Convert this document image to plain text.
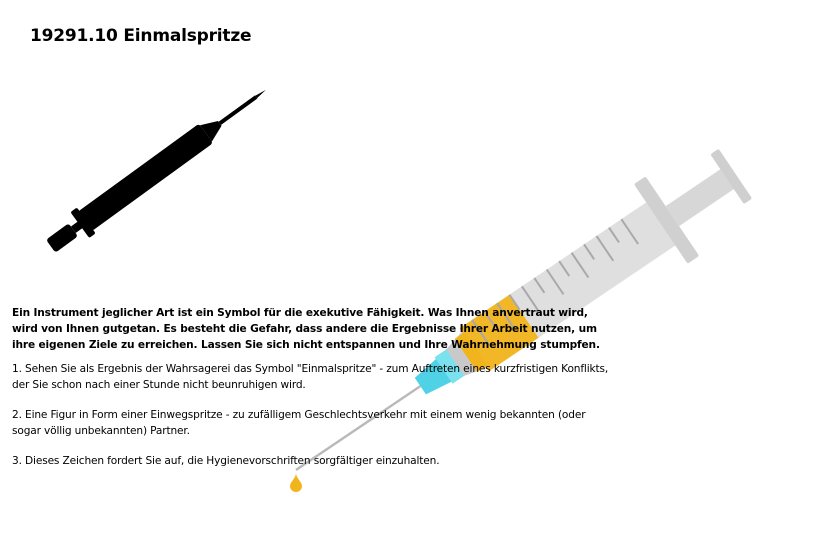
19291.10 Einmalspritze

Ein Instrument jeglicher Art ist ein Symbol für die exekutive Fähigkeit. Was Ihnen anvertraut wird, wird von Ihnen gutgetan. Es besteht die Gefahr, dass andere die Ergebnisse Ihrer Arbeit nutzen, um ihre eigenen Ziele zu erreichen. Lassen Sie sich nicht entspannen und Ihre Wahrnehmung stumpfen.

1. Sehen Sie als Ergebnis der Wahrsagerei das Symbol "Einmalspritze" - zum Auftreten eines kurzfristigen Konflikts, der Sie schon nach einer Stunde nicht beunruhigen wird.

2. Eine Figur in Form einer Einwegspritze - zu zufälligem Geschlechtsverkehr mit einem wenig bekannten (oder sogar völlig unbekannten) Partner.

3. Dieses Zeichen fordert Sie auf, die Hygienevorschriften sorgfältiger einzuhalten.
